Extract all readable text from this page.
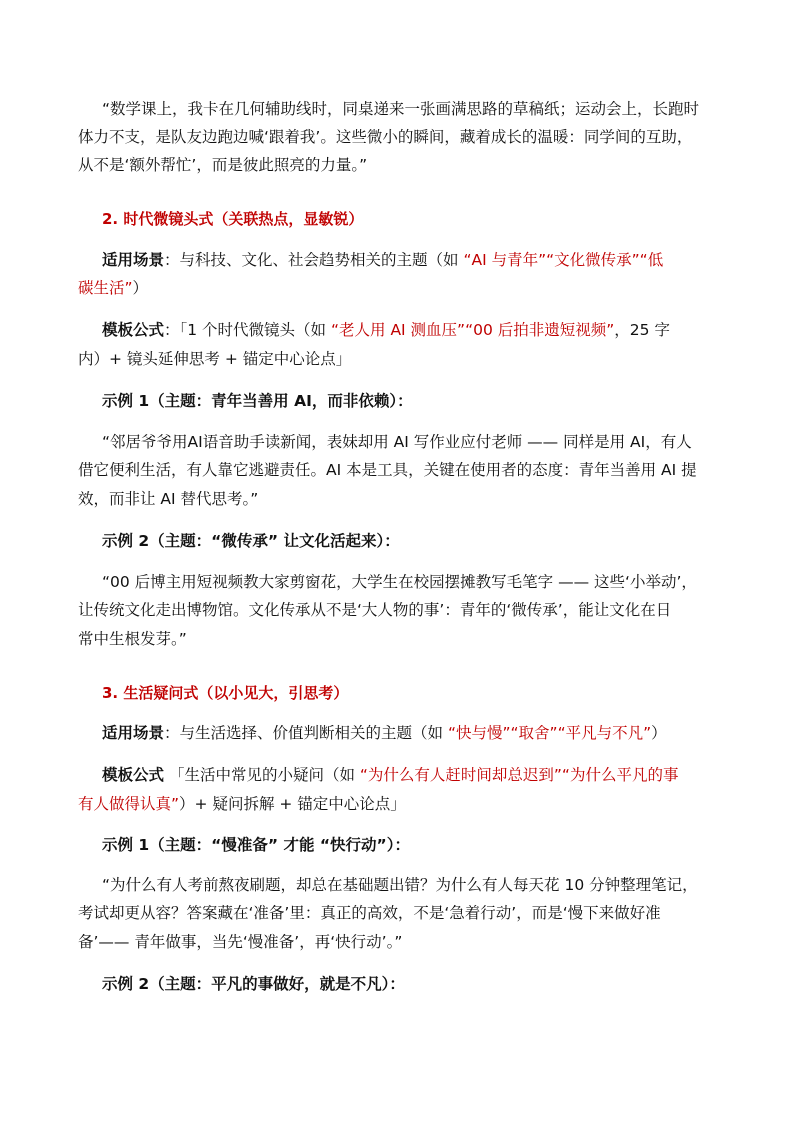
“数学课上，我卡在几何辅助线时，同桌递来一张画满思路的草稿纸；运动会上，长跑时
体力不支，是队友边跑边喊‘跟着我’。这些微小的瞬间，藏着成长的温暖：同学间的互助，
从不是‘额外帮忙’，而是彼此照亮的力量。”
2. 时代微镜头式（关联热点，显敏锐）
适用场景：与科技、文化、社会趋势相关的主题（如 “AI 与青年”“文化微传承”“低
碳生活”）
模板公式：「1 个时代微镜头（如 “老人用 AI 测血压”“00 后拍非遗短视频”，25 字
内）+ 镜头延伸思考 + 锚定中心论点」
示例 1（主题：青年当善用 AI，而非依赖）：
“邻居爷爷用AI语音助手读新闻，表妹却用 AI 写作业应付老师 —— 同样是用 AI，有人
借它便利生活，有人靠它逃避责任。AI 本是工具，关键在使用者的态度：青年当善用 AI 提
效，而非让 AI 替代思考。”
示例 2（主题：“微传承” 让文化活起来）：
“00 后博主用短视频教大家剪窗花，大学生在校园摆摊教写毛笔字 —— 这些‘小举动’，
让传统文化走出博物馆。文化传承从不是‘大人物的事’：青年的‘微传承’，能让文化在日
常中生根发芽。”
3. 生活疑问式（以小见大，引思考）
适用场景：与生活选择、价值判断相关的主题（如 “快与慢”“取舍”“平凡与不凡”）
模板公式 「生活中常见的小疑问（如 “为什么有人赶时间却总迟到”“为什么平凡的事
有人做得认真”）+ 疑问拆解 + 锚定中心论点」
示例 1（主题：“慢准备” 才能 “快行动”）：
“为什么有人考前熬夜刷题，却总在基础题出错？为什么有人每天花 10 分钟整理笔记，
考试却更从容？答案藏在‘准备’里：真正的高效，不是‘急着行动’，而是‘慢下来做好准
备’—— 青年做事，当先‘慢准备’，再‘快行动’。”
示例 2（主题：平凡的事做好，就是不凡）：
